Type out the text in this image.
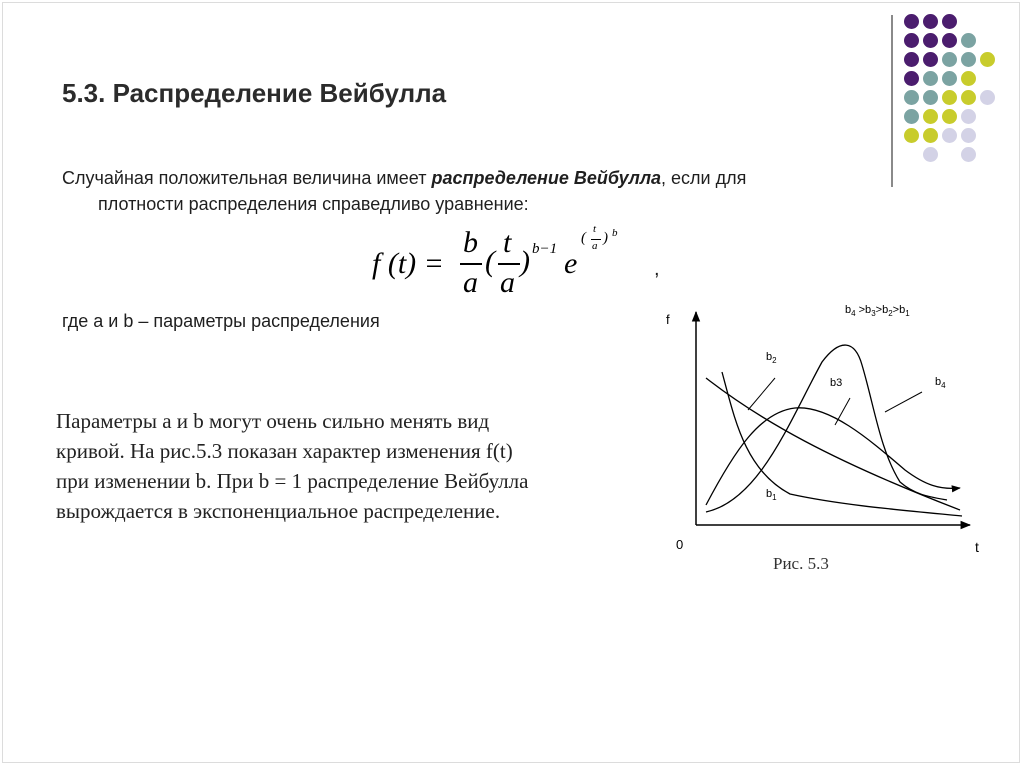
5.3. Распределение Вейбулла
Случайная положительная величина имеет распределение Вейбулла, если для
плотности распределения справедливо уравнение:
f (t) =
b
a
(
t
a
) b−1 e
(
t
a ) b
,
где a и b – параметры распределения
Параметры a и b могут очень сильно менять вид
кривой. На рис.5.3 показан характер изменения f(t)
при изменении b. При b = 1 распределение Вейбулла
вырождается в экспоненциальное распределение.
f
t
0
$b_4 >b_3>b_2>b_1$
$b_2$
b3	$b_4$
$b_1$
Рис. 5.3
